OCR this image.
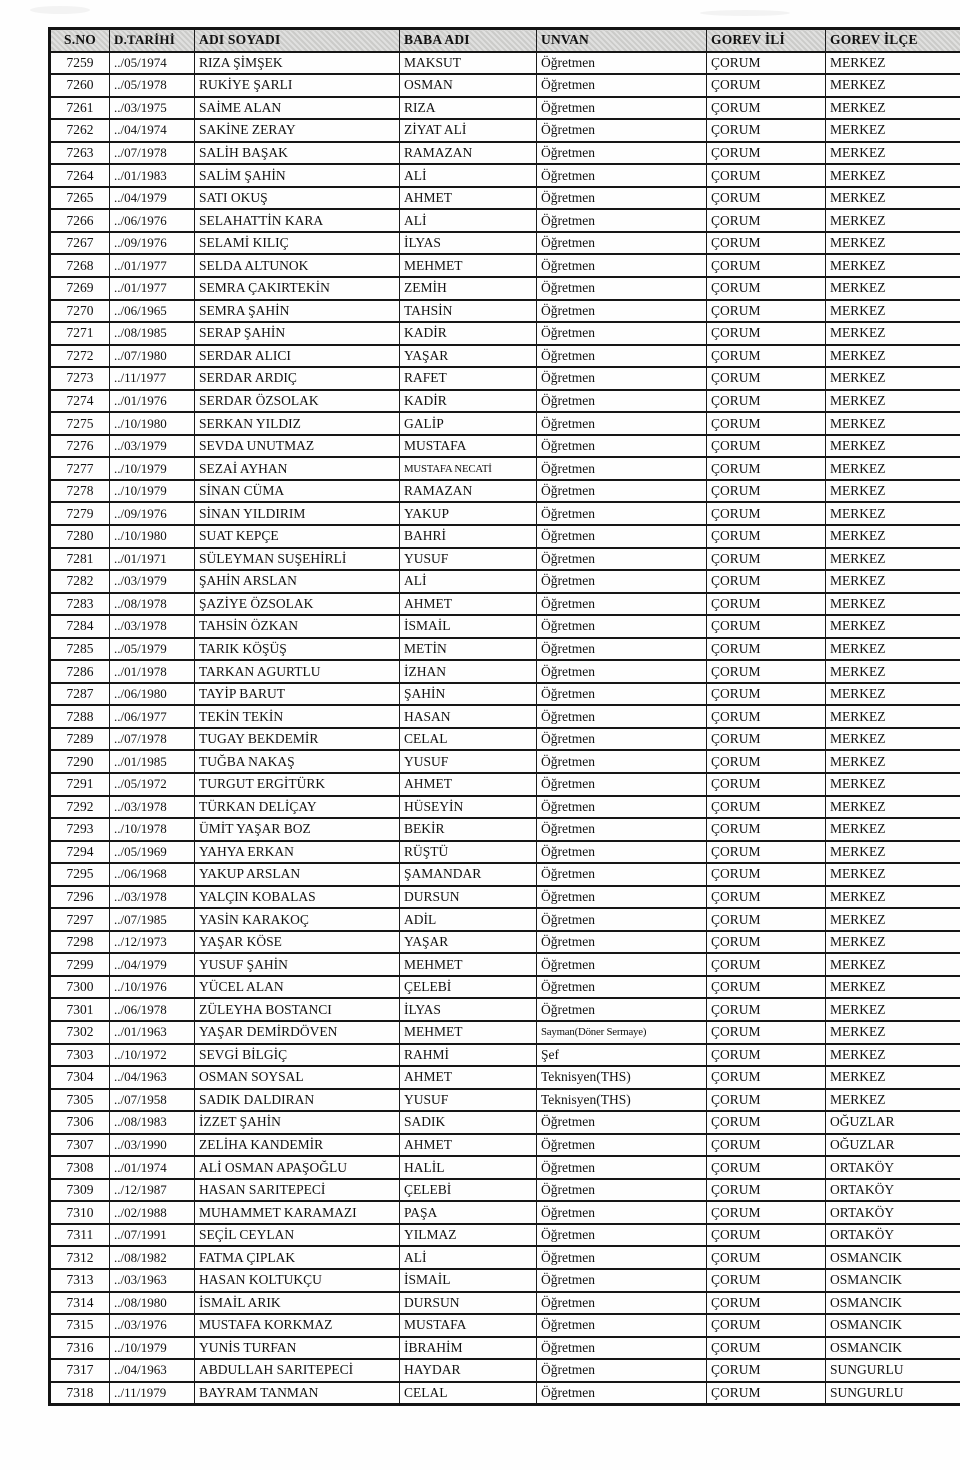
S.NO	D.TARİHİ	ADI SOYADI	BABA ADI	UNVAN	GOREV İLİ	GOREV İLÇE
7259	../05/1974	RIZA ŞİMŞEK	MAKSUT	Öğretmen	ÇORUM	MERKEZ
7260	../05/1978	RUKİYE ŞARLI	OSMAN	Öğretmen	ÇORUM	MERKEZ
7261	../03/1975	SAİME ALAN	RIZA	Öğretmen	ÇORUM	MERKEZ
7262	../04/1974	SAKİNE ZERAY	ZİYAT ALİ	Öğretmen	ÇORUM	MERKEZ
7263	../07/1978	SALİH BAŞAK	RAMAZAN	Öğretmen	ÇORUM	MERKEZ
7264	../01/1983	SALİM ŞAHİN	ALİ	Öğretmen	ÇORUM	MERKEZ
7265	../04/1979	SATI OKUŞ	AHMET	Öğretmen	ÇORUM	MERKEZ
7266	../06/1976	SELAHATTİN KARA	ALİ	Öğretmen	ÇORUM	MERKEZ
7267	../09/1976	SELAMİ KILIÇ	İLYAS	Öğretmen	ÇORUM	MERKEZ
7268	../01/1977	SELDA ALTUNOK	MEHMET	Öğretmen	ÇORUM	MERKEZ
7269	../01/1977	SEMRA ÇAKIRTEKİN	ZEMİH	Öğretmen	ÇORUM	MERKEZ
7270	../06/1965	SEMRA ŞAHİN	TAHSİN	Öğretmen	ÇORUM	MERKEZ
7271	../08/1985	SERAP ŞAHİN	KADİR	Öğretmen	ÇORUM	MERKEZ
7272	../07/1980	SERDAR ALICI	YAŞAR	Öğretmen	ÇORUM	MERKEZ
7273	../11/1977	SERDAR ARDIÇ	RAFET	Öğretmen	ÇORUM	MERKEZ
7274	../01/1976	SERDAR ÖZSOLAK	KADİR	Öğretmen	ÇORUM	MERKEZ
7275	../10/1980	SERKAN YILDIZ	GALİP	Öğretmen	ÇORUM	MERKEZ
7276	../03/1979	SEVDA UNUTMAZ	MUSTAFA	Öğretmen	ÇORUM	MERKEZ
7277	../10/1979	SEZAİ AYHAN	MUSTAFA NECATİ	Öğretmen	ÇORUM	MERKEZ
7278	../10/1979	SİNAN CÜMA	RAMAZAN	Öğretmen	ÇORUM	MERKEZ
7279	../09/1976	SİNAN YILDIRIM	YAKUP	Öğretmen	ÇORUM	MERKEZ
7280	../10/1980	SUAT KEPÇE	BAHRİ	Öğretmen	ÇORUM	MERKEZ
7281	../01/1971	SÜLEYMAN SUŞEHİRLİ	YUSUF	Öğretmen	ÇORUM	MERKEZ
7282	../03/1979	ŞAHİN ARSLAN	ALİ	Öğretmen	ÇORUM	MERKEZ
7283	../08/1978	ŞAZİYE ÖZSOLAK	AHMET	Öğretmen	ÇORUM	MERKEZ
7284	../03/1978	TAHSİN ÖZKAN	İSMAİL	Öğretmen	ÇORUM	MERKEZ
7285	../05/1979	TARIK KÖŞÜŞ	METİN	Öğretmen	ÇORUM	MERKEZ
7286	../01/1978	TARKAN AGURTLU	İZHAN	Öğretmen	ÇORUM	MERKEZ
7287	../06/1980	TAYİP BARUT	ŞAHİN	Öğretmen	ÇORUM	MERKEZ
7288	../06/1977	TEKİN TEKİN	HASAN	Öğretmen	ÇORUM	MERKEZ
7289	../07/1978	TUGAY BEKDEMİR	CELAL	Öğretmen	ÇORUM	MERKEZ
7290	../01/1985	TUĞBA NAKAŞ	YUSUF	Öğretmen	ÇORUM	MERKEZ
7291	../05/1972	TURGUT ERGİTÜRK	AHMET	Öğretmen	ÇORUM	MERKEZ
7292	../03/1978	TÜRKAN DELİÇAY	HÜSEYİN	Öğretmen	ÇORUM	MERKEZ
7293	../10/1978	ÜMİT YAŞAR BOZ	BEKİR	Öğretmen	ÇORUM	MERKEZ
7294	../05/1969	YAHYA ERKAN	RÜŞTÜ	Öğretmen	ÇORUM	MERKEZ
7295	../06/1968	YAKUP ARSLAN	ŞAMANDAR	Öğretmen	ÇORUM	MERKEZ
7296	../03/1978	YALÇIN KOBALAS	DURSUN	Öğretmen	ÇORUM	MERKEZ
7297	../07/1985	YASİN KARAKOÇ	ADİL	Öğretmen	ÇORUM	MERKEZ
7298	../12/1973	YAŞAR KÖSE	YAŞAR	Öğretmen	ÇORUM	MERKEZ
7299	../04/1979	YUSUF ŞAHİN	MEHMET	Öğretmen	ÇORUM	MERKEZ
7300	../10/1976	YÜCEL ALAN	ÇELEBİ	Öğretmen	ÇORUM	MERKEZ
7301	../06/1978	ZÜLEYHA BOSTANCI	İLYAS	Öğretmen	ÇORUM	MERKEZ
7302	../01/1963	YAŞAR DEMİRDÖVEN	MEHMET	Sayman(Döner Sermaye)	ÇORUM	MERKEZ
7303	../10/1972	SEVGİ BİLGİÇ	RAHMİ	Şef	ÇORUM	MERKEZ
7304	../04/1963	OSMAN SOYSAL	AHMET	Teknisyen(THS)	ÇORUM	MERKEZ
7305	../07/1958	SADIK DALDIRAN	YUSUF	Teknisyen(THS)	ÇORUM	MERKEZ
7306	../08/1983	İZZET ŞAHİN	SADIK	Öğretmen	ÇORUM	OĞUZLAR
7307	../03/1990	ZELİHA KANDEMİR	AHMET	Öğretmen	ÇORUM	OĞUZLAR
7308	../01/1974	ALİ OSMAN APAŞOĞLU	HALİL	Öğretmen	ÇORUM	ORTAKÖY
7309	../12/1987	HASAN SARITEPECİ	ÇELEBİ	Öğretmen	ÇORUM	ORTAKÖY
7310	../02/1988	MUHAMMET KARAMAZI	PAŞA	Öğretmen	ÇORUM	ORTAKÖY
7311	../07/1991	SEÇİL CEYLAN	YILMAZ	Öğretmen	ÇORUM	ORTAKÖY
7312	../08/1982	FATMA ÇIPLAK	ALİ	Öğretmen	ÇORUM	OSMANCIK
7313	../03/1963	HASAN KOLTUKÇU	İSMAİL	Öğretmen	ÇORUM	OSMANCIK
7314	../08/1980	İSMAİL ARIK	DURSUN	Öğretmen	ÇORUM	OSMANCIK
7315	../03/1976	MUSTAFA KORKMAZ	MUSTAFA	Öğretmen	ÇORUM	OSMANCIK
7316	../10/1979	YUNİS TURFAN	İBRAHİM	Öğretmen	ÇORUM	OSMANCIK
7317	../04/1963	ABDULLAH SARITEPECİ	HAYDAR	Öğretmen	ÇORUM	SUNGURLU
7318	../11/1979	BAYRAM TANMAN	CELAL	Öğretmen	ÇORUM	SUNGURLU
